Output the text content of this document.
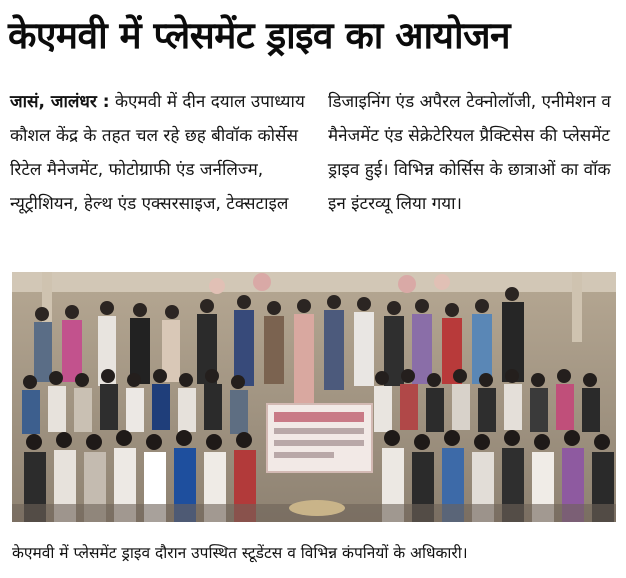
केएमवी में प्लेसमेंट ड्राइव का आयोजन

जासं, जालंधर : केएमवी में दीन दयाल उपाध्याय कौशल केंद्र के तहत चल रहे छह बीवॉक कोर्सेस रिटेल मैनेजमेंट, फोटोग्राफी एंड जर्नलिज्म, न्यूट्रीशियन, हेल्थ एंड एक्सरसाइज, टेक्सटाइल

डिजाइनिंग एंड अपैरल टेक्नोलॉजी, एनीमेशन व मैनेजमेंट एंड सेक्रेटेरियल प्रैक्टिसेस की प्लेसमेंट ड्राइव हुई। विभिन्न कोर्सिस के छात्राओं का वॉक इन इंटरव्यू लिया गया।

केएमवी में प्लेसमेंट ड्राइव दौरान उपस्थित स्टूडेंटस व विभिन्न कंपनियों के अधिकारी।
